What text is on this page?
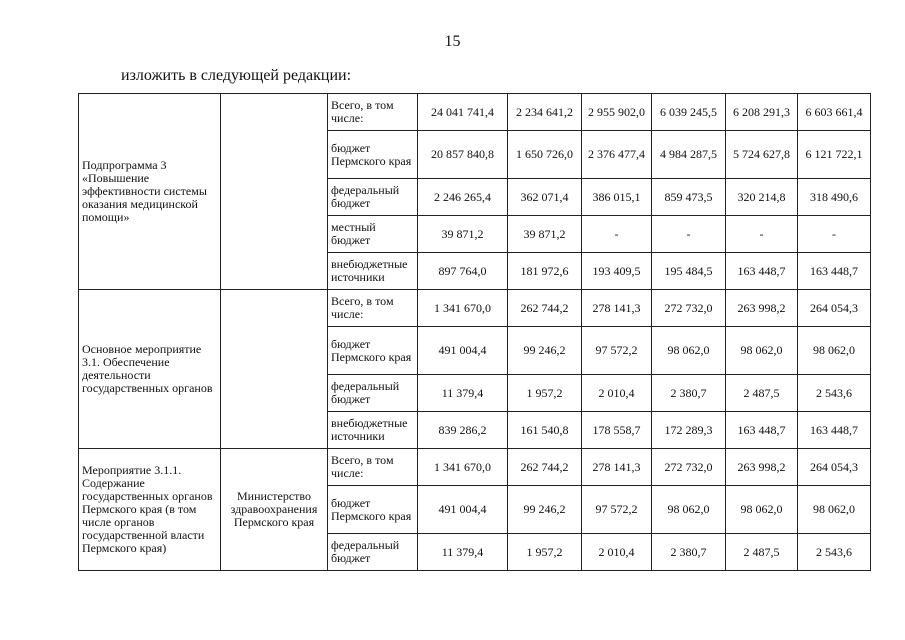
15
изложить в следующей редакции:
Подпрограмма 3 «Повышение эффективности системы оказания медицинской помощи»		Всего, в том числе:	24 041 741,4	2 234 641,2	2 955 902,0	6 039 245,5	6 208 291,3	6 603 661,4
		бюджет Пермского края	20 857 840,8	1 650 726,0	2 376 477,4	4 984 287,5	5 724 627,8	6 121 722,1
		федеральный бюджет	2 246 265,4	362 071,4	386 015,1	859 473,5	320 214,8	318 490,6
		местный бюджет	39 871,2	39 871,2	-	-	-	-
		внебюджетные источники	897 764,0	181 972,6	193 409,5	195 484,5	163 448,7	163 448,7
Основное мероприятие 3.1. Обеспечение деятельности государственных органов		Всего, в том числе:	1 341 670,0	262 744,2	278 141,3	272 732,0	263 998,2	264 054,3
		бюджет Пермского края	491 004,4	99 246,2	97 572,2	98 062,0	98 062,0	98 062,0
		федеральный бюджет	11 379,4	1 957,2	2 010,4	2 380,7	2 487,5	2 543,6
		внебюджетные источники	839 286,2	161 540,8	178 558,7	172 289,3	163 448,7	163 448,7
Мероприятие 3.1.1. Содержание государственных органов Пермского края (в том числе органов государственной власти Пермского края)	Министерство здравоохранения Пермского края	Всего, в том числе:	1 341 670,0	262 744,2	278 141,3	272 732,0	263 998,2	264 054,3
		бюджет Пермского края	491 004,4	99 246,2	97 572,2	98 062,0	98 062,0	98 062,0
		федеральный бюджет	11 379,4	1 957,2	2 010,4	2 380,7	2 487,5	2 543,6
